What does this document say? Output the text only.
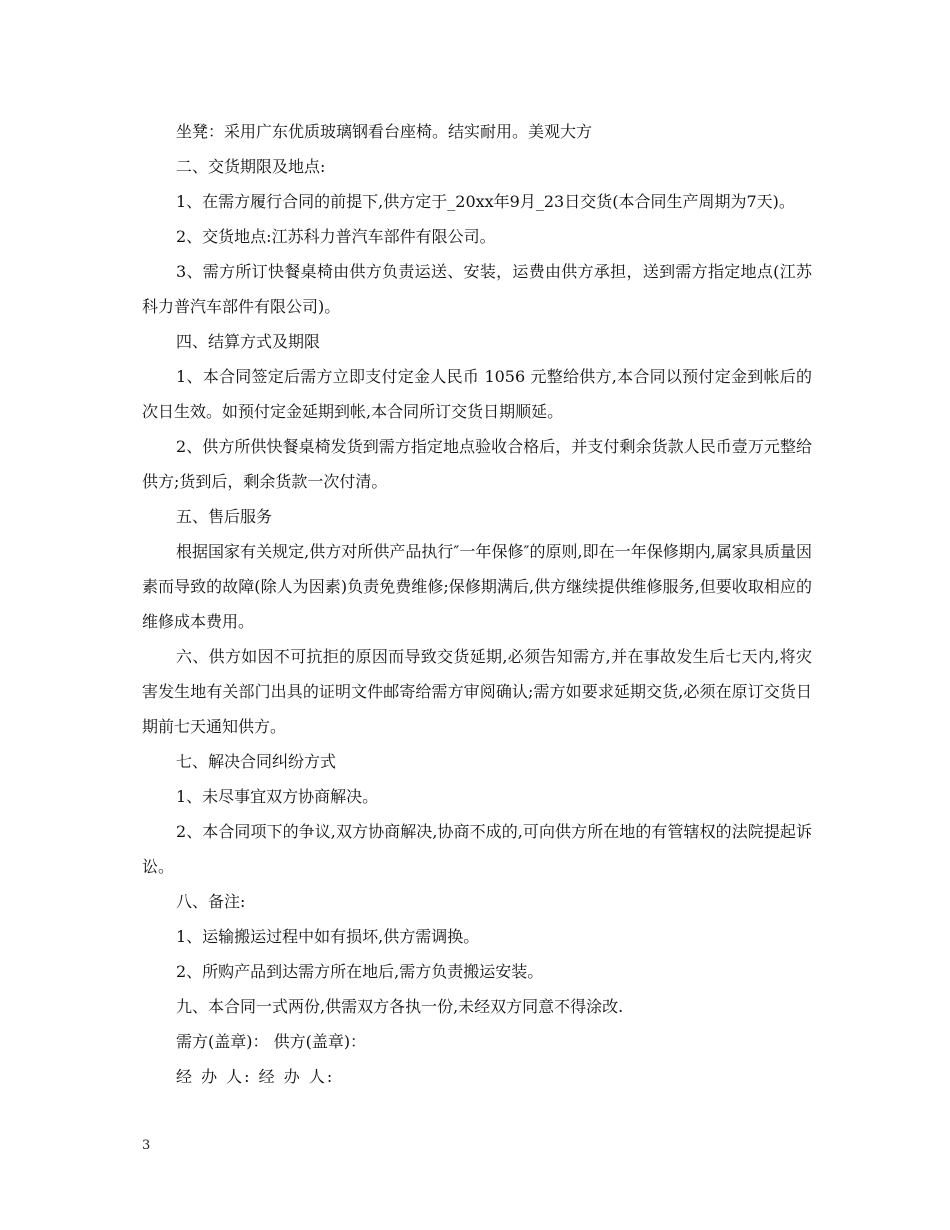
坐凳：采用广东优质玻璃钢看台座椅。结实耐用。美观大方

二、交货期限及地点:

1、在需方履行合同的前提下,供方定于_20xx年9月_23日交货(本合同生产周期为7天)。

2、交货地点:江苏科力普汽车部件有限公司。

3、需方所订快餐桌椅由供方负责运送、安装，运费由供方承担，送到需方指定地点(江苏科力普汽车部件有限公司)。

四、结算方式及期限

1、本合同签定后需方立即支付定金人民币 1056 元整给供方,本合同以预付定金到帐后的次日生效。如预付定金延期到帐,本合同所订交货日期顺延。

2、供方所供快餐桌椅发货到需方指定地点验收合格后，并支付剩余货款人民币壹万元整给供方;货到后，剩余货款一次付清。

五、售后服务

根据国家有关规定,供方对所供产品执行″一年保修″的原则,即在一年保修期内,属家具质量因素而导致的故障(除人为因素)负责免费维修;保修期满后,供方继续提供维修服务,但要收取相应的维修成本费用。

六、供方如因不可抗拒的原因而导致交货延期,必须告知需方,并在事故发生后七天内,将灾害发生地有关部门出具的证明文件邮寄给需方审阅确认;需方如要求延期交货,必须在原订交货日期前七天通知供方。

七、解决合同纠纷方式

1、未尽事宜双方协商解决。

2、本合同项下的争议,双方协商解决,协商不成的,可向供方所在地的有管辖权的法院提起诉讼。

八、备注:

1、运输搬运过程中如有损坏,供方需调换。

2、所购产品到达需方所在地后,需方负责搬运安装。

九、本合同一式两份,供需双方各执一份,未经双方同意不得涂改.

需方(盖章)： 供方(盖章)：

经 办 人: 经 办 人:

3
